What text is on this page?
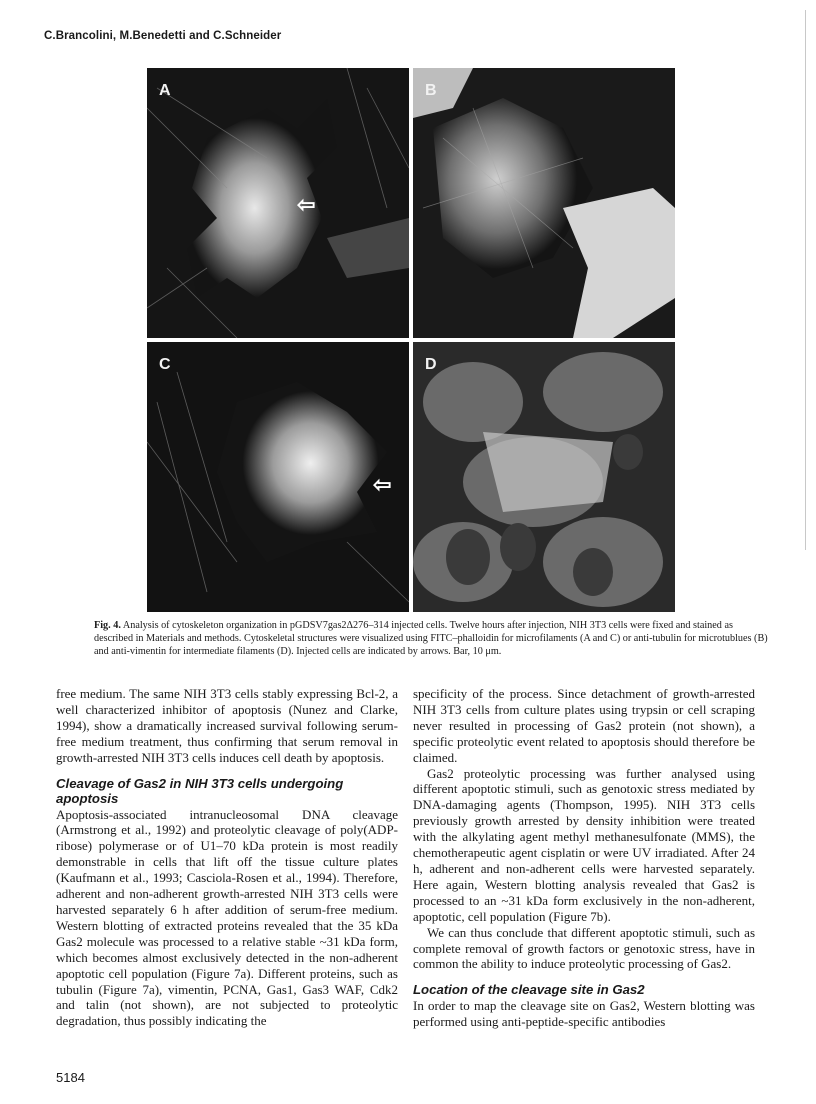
C.Brancolini, M.Benedetti and C.Schneider
A
⇦
B
C
⇦
D
Fig. 4. Analysis of cytoskeleton organization in pGDSV7gas2Δ276–314 injected cells. Twelve hours after injection, NIH 3T3 cells were fixed and stained as described in Materials and methods. Cytoskeletal structures were visualized using FITC–phalloidin for microfilaments (A and C) or anti-tubulin for microtublues (B) and anti-vimentin for intermediate filaments (D). Injected cells are indicated by arrows. Bar, 10 μm.

free medium. The same NIH 3T3 cells stably expressing Bcl-2, a well characterized inhibitor of apoptosis (Nunez and Clarke, 1994), show a dramatically increased survival following serum-free medium treatment, thus confirming that serum removal in growth-arrested NIH 3T3 cells induces cell death by apoptosis.

Cleavage of Gas2 in NIH 3T3 cells undergoing apoptosis

Apoptosis-associated intranucleosomal DNA cleavage (Armstrong et al., 1992) and proteolytic cleavage of poly(ADP-ribose) polymerase or of U1–70 kDa protein is most readily demonstrable in cells that lift off the tissue culture plates (Kaufmann et al., 1993; Casciola-Rosen et al., 1994). Therefore, adherent and non-adherent growth-arrested NIH 3T3 cells were harvested separately 6 h after addition of serum-free medium. Western blotting of extracted proteins revealed that the 35 kDa Gas2 molecule was processed to a relative stable ~31 kDa form, which becomes almost exclusively detected in the non-adherent apoptotic cell population (Figure 7a). Different proteins, such as tubulin (Figure 7a), vimentin, PCNA, Gas1, Gas3 WAF, Cdk2 and talin (not shown), are not subjected to proteolytic degradation, thus possibly indicating the

specificity of the process. Since detachment of growth-arrested NIH 3T3 cells from culture plates using trypsin or cell scraping never resulted in processing of Gas2 protein (not shown), a specific proteolytic event related to apoptosis should therefore be claimed.

Gas2 proteolytic processing was further analysed using different apoptotic stimuli, such as genotoxic stress mediated by DNA-damaging agents (Thompson, 1995). NIH 3T3 cells previously growth arrested by density inhibition were treated with the alkylating agent methyl methanesulfonate (MMS), the chemotherapeutic agent cisplatin or were UV irradiated. After 24 h, adherent and non-adherent cells were harvested separately. Here again, Western blotting analysis revealed that Gas2 is processed to an ~31 kDa form exclusively in the non-adherent, apoptotic, cell population (Figure 7b).

We can thus conclude that different apoptotic stimuli, such as complete removal of growth factors or genotoxic stress, have in common the ability to induce proteolytic processing of Gas2.

Location of the cleavage site in Gas2

In order to map the cleavage site on Gas2, Western blotting was performed using anti-peptide-specific antibodies

5184
